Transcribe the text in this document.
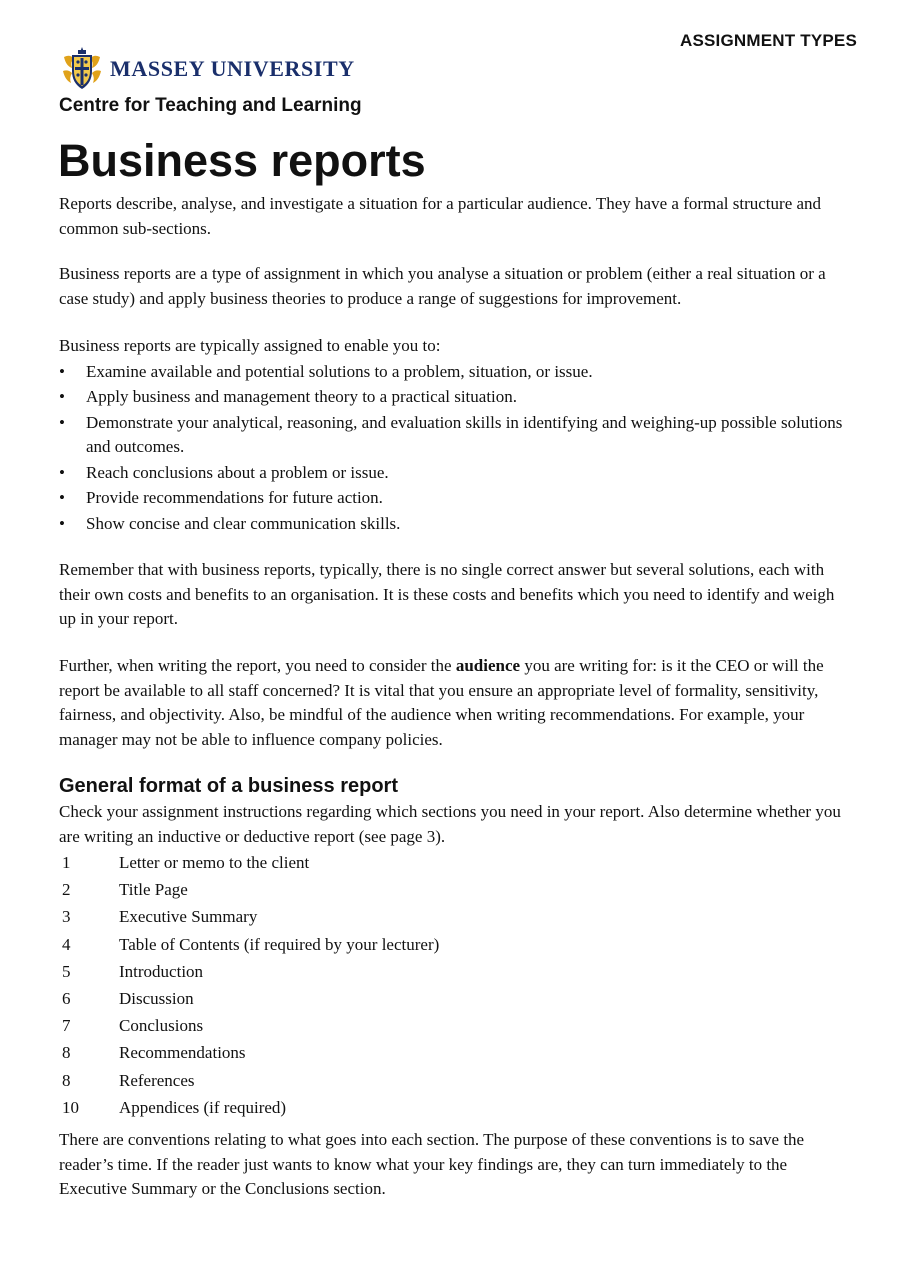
ASSIGNMENT TYPES
MASSEY UNIVERSITY
Centre for Teaching and Learning
Business reports

Reports describe, analyse, and investigate a situation for a particular audience. They have a formal structure and common sub-sections.

Business reports are a type of assignment in which you analyse a situation or problem (either a real situation or a case study) and apply business theories to produce a range of suggestions for improvement.

Business reports are typically assigned to enable you to:
• Examine available and potential solutions to a problem, situation, or issue.
• Apply business and management theory to a practical situation.
• Demonstrate your analytical, reasoning, and evaluation skills in identifying and weighing-up possible solutions and outcomes.
• Reach conclusions about a problem or issue.
• Provide recommendations for future action.
• Show concise and clear communication skills.

Remember that with business reports, typically, there is no single correct answer but several solutions, each with their own costs and benefits to an organisation. It is these costs and benefits which you need to identify and weigh up in your report.

Further, when writing the report, you need to consider the audience you are writing for: is it the CEO or will the report be available to all staff concerned? It is vital that you ensure an appropriate level of formality, sensitivity, fairness, and objectivity. Also, be mindful of the audience when writing recommendations. For example, your manager may not be able to influence company policies.

General format of a business report

Check your assignment instructions regarding which sections you need in your report. Also determine whether you are writing an inductive or deductive report (see page 3).

1	Letter or memo to the client
2	Title Page
3	Executive Summary
4	Table of Contents (if required by your lecturer)
5	Introduction
6	Discussion
7	Conclusions
8	Recommendations
8	References
10	Appendices (if required)

There are conventions relating to what goes into each section. The purpose of these conventions is to save the reader’s time. If the reader just wants to know what your key findings are, they can turn immediately to the Executive Summary or the Conclusions section.
